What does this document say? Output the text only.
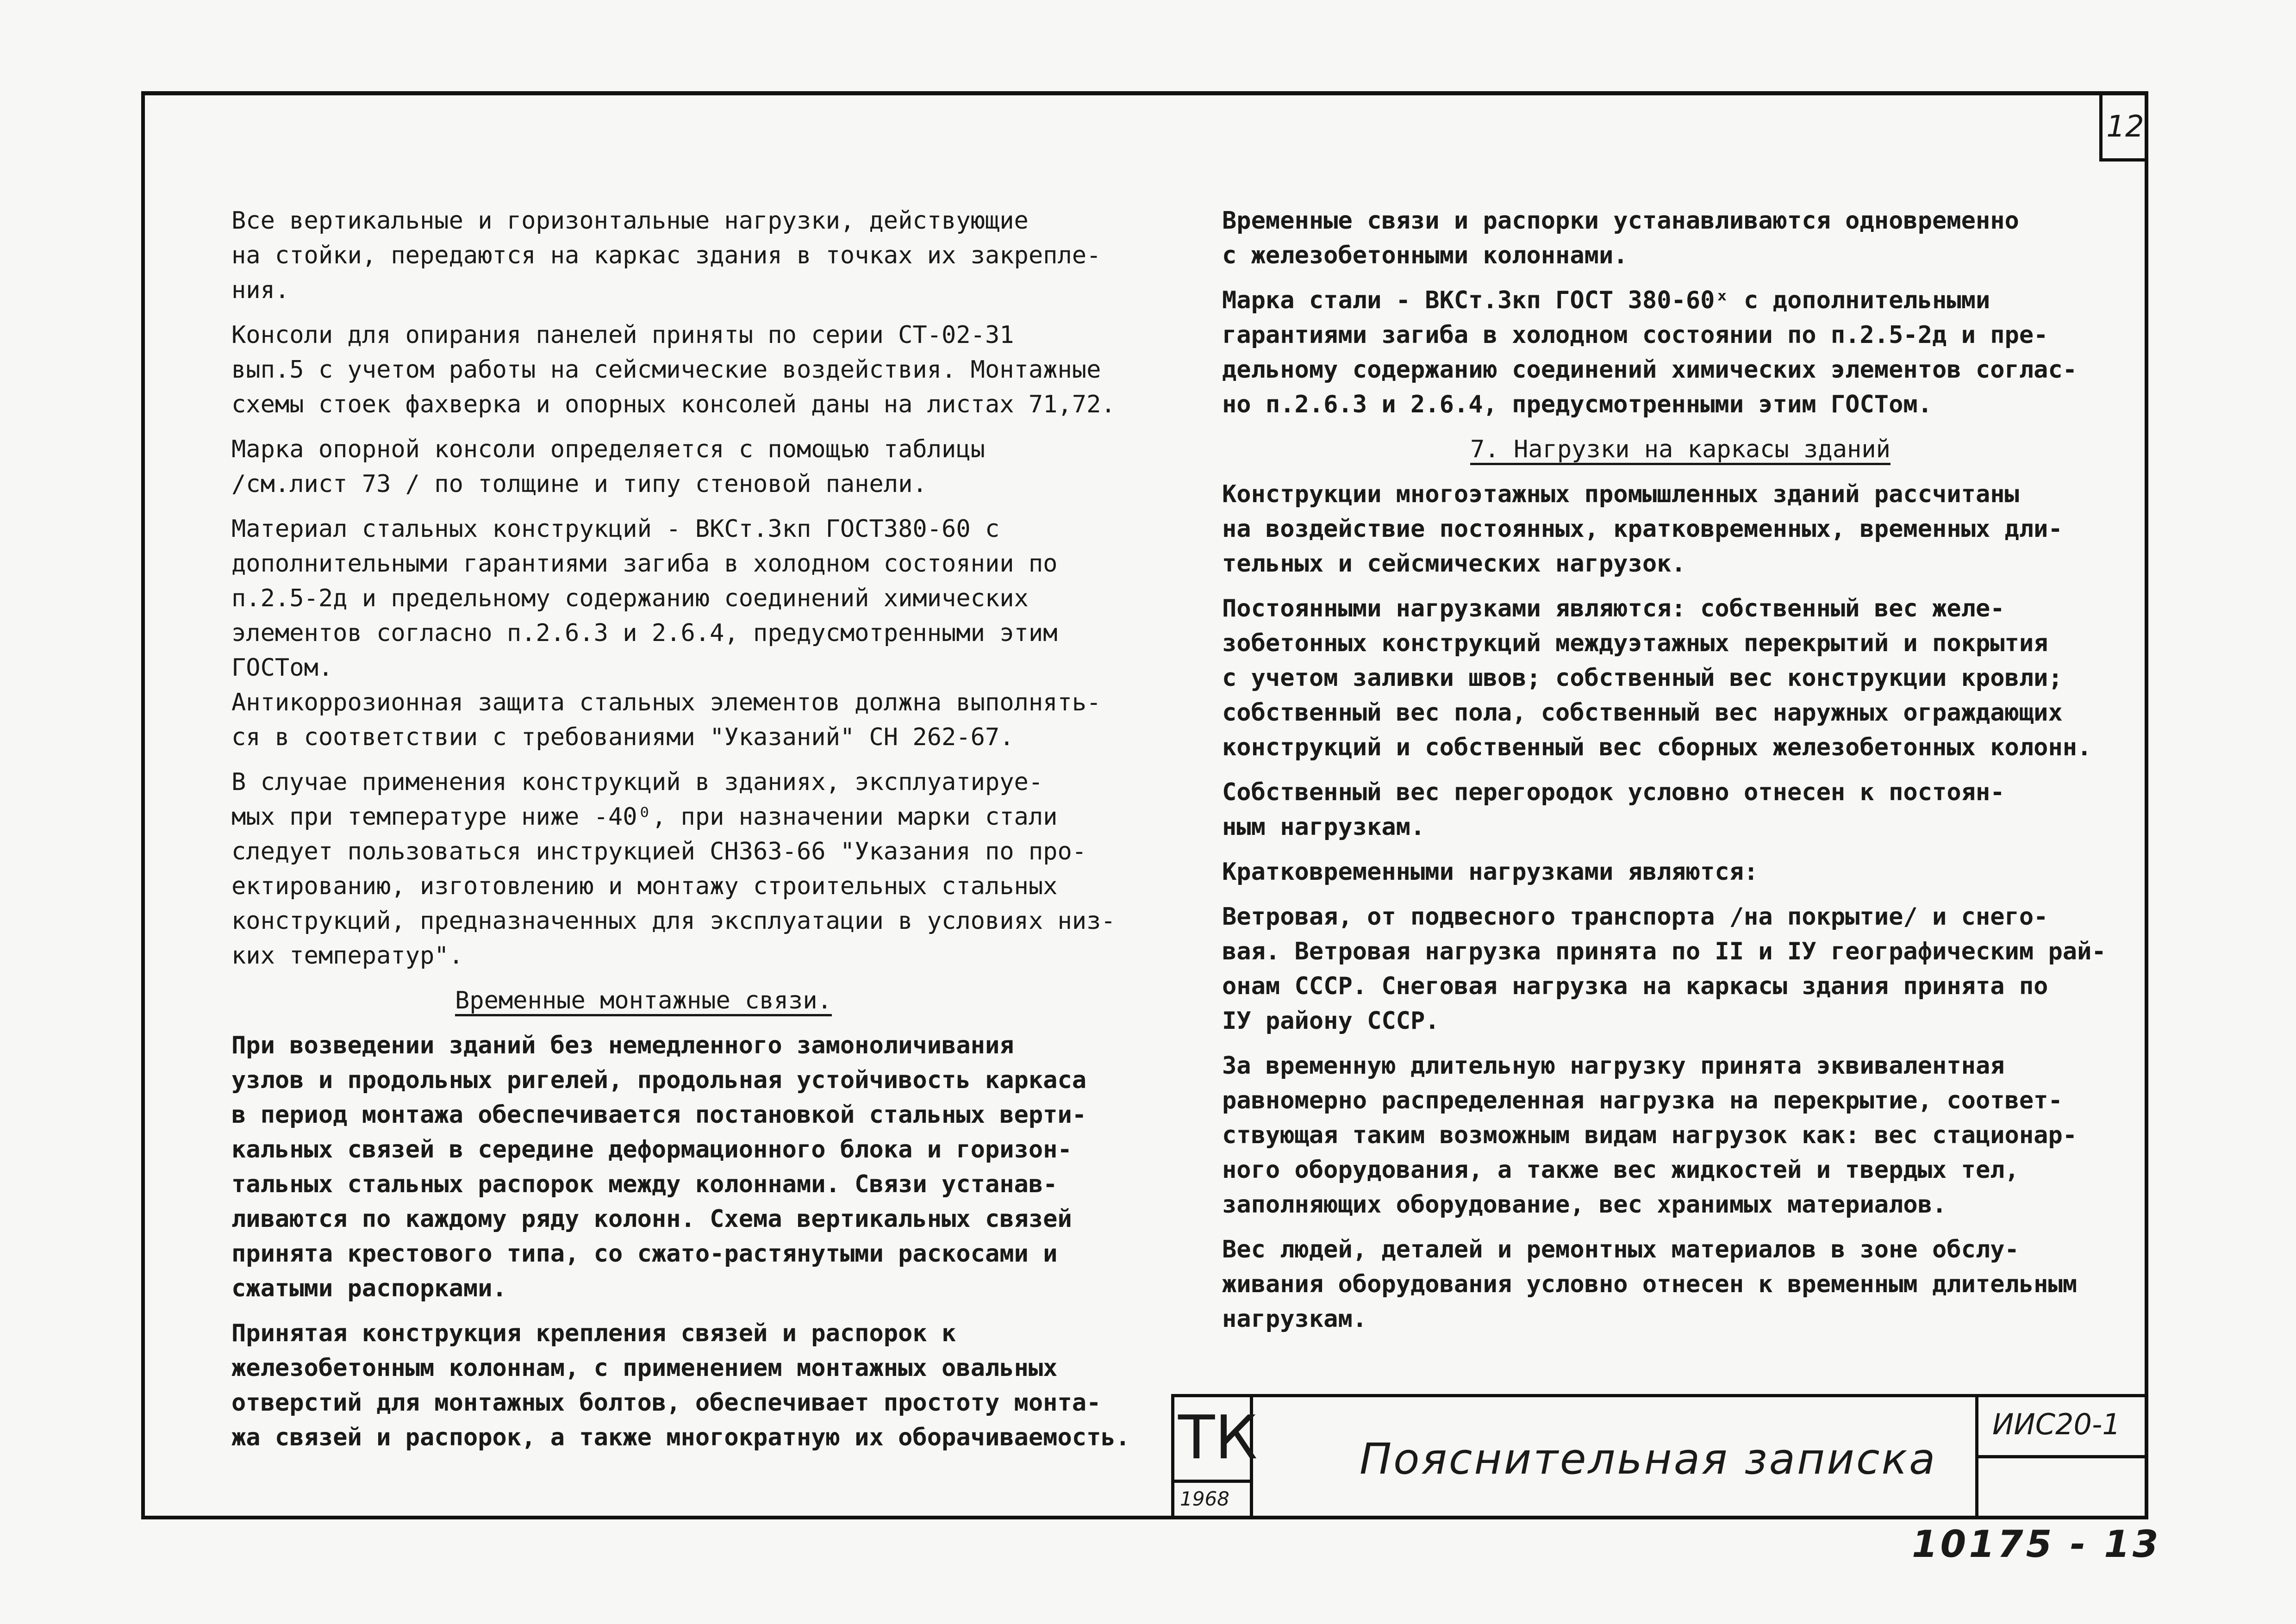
12

Все вертикальные и горизонтальные нагрузки, действующие
на стойки, передаются на каркас здания в точках их закрепле-
ния.

Консоли для опирания панелей приняты по серии СТ-02-31
вып.5 с учетом работы на сейсмические воздействия. Монтажные
схемы стоек фахверка и опорных консолей даны на листах 71,72.

Марка опорной консоли определяется с помощью таблицы
/см.лист 73 / по толщине и типу стеновой панели.

Материал стальных конструкций - ВКСт.3кп ГОСТ380-60 с
дополнительными гарантиями загиба в холодном состоянии по
п.2.5-2д и предельному содержанию соединений химических
элементов согласно п.2.6.3 и 2.6.4, предусмотренными этим
ГОСТом.
Антикоррозионная защита стальных элементов должна выполнять-
ся в соответствии с требованиями "Указаний" СН 262-67.

В случае применения конструкций в зданиях, эксплуатируе-
мых при температуре ниже -40⁰, при назначении марки стали
следует пользоваться инструкцией СН363-66 "Указания по про-
ектированию, изготовлению и монтажу строительных стальных
конструкций, предназначенных для эксплуатации в условиях низ-
ких температур".

Временные монтажные связи.

При возведении зданий без немедленного замоноличивания
узлов и продольных ригелей, продольная устойчивость каркаса
в период монтажа обеспечивается постановкой стальных верти-
кальных связей в середине деформационного блока и горизон-
тальных стальных распорок между колоннами. Связи устанав-
ливаются по каждому ряду колонн. Схема вертикальных связей
принята крестового типа, со сжато-растянутыми раскосами и
сжатыми распорками.

Принятая конструкция крепления связей и распорок к
железобетонным колоннам, с применением монтажных овальных
отверстий для монтажных болтов, обеспечивает простоту монта-
жа связей и распорок, а также многократную их оборачиваемость.

Временные связи и распорки устанавливаются одновременно
с железобетонными колоннами.

Марка стали - ВКСт.3кп ГОСТ 380-60ˣ с дополнительными
гарантиями загиба в холодном состоянии по п.2.5-2д и пре-
дельному содержанию соединений химических элементов соглас-
но п.2.6.3 и 2.6.4, предусмотренными этим ГОСТом.

7. Нагрузки на каркасы зданий

Конструкции многоэтажных промышленных зданий рассчитаны
на воздействие постоянных, кратковременных, временных дли-
тельных и сейсмических нагрузок.

Постоянными нагрузками являются: собственный вес желе-
зобетонных конструкций междуэтажных перекрытий и покрытия
с учетом заливки швов; собственный вес конструкции кровли;
собственный вес пола, собственный вес наружных ограждающих
конструкций и собственный вес сборных железобетонных колонн.

Собственный вес перегородок условно отнесен к постоян-
ным нагрузкам.

Кратковременными нагрузками являются:

Ветровая, от подвесного транспорта /на покрытие/ и снего-
вая. Ветровая нагрузка принята по II и IУ географическим рай-
онам СССР. Снеговая нагрузка на каркасы здания принята по
IУ району СССР.

За временную длительную нагрузку принята эквивалентная
равномерно распределенная нагрузка на перекрытие, соответ-
ствующая таким возможным видам нагрузок как: вес стационар-
ного оборудования, а также вес жидкостей и твердых тел,
заполняющих оборудование, вес хранимых материалов.

Вес людей, деталей и ремонтных материалов в зоне обслу-
живания оборудования условно отнесен к временным длительным
нагрузкам.

ТК
1968
Пояснительная записка
ИИС20-1
10175 - 13
